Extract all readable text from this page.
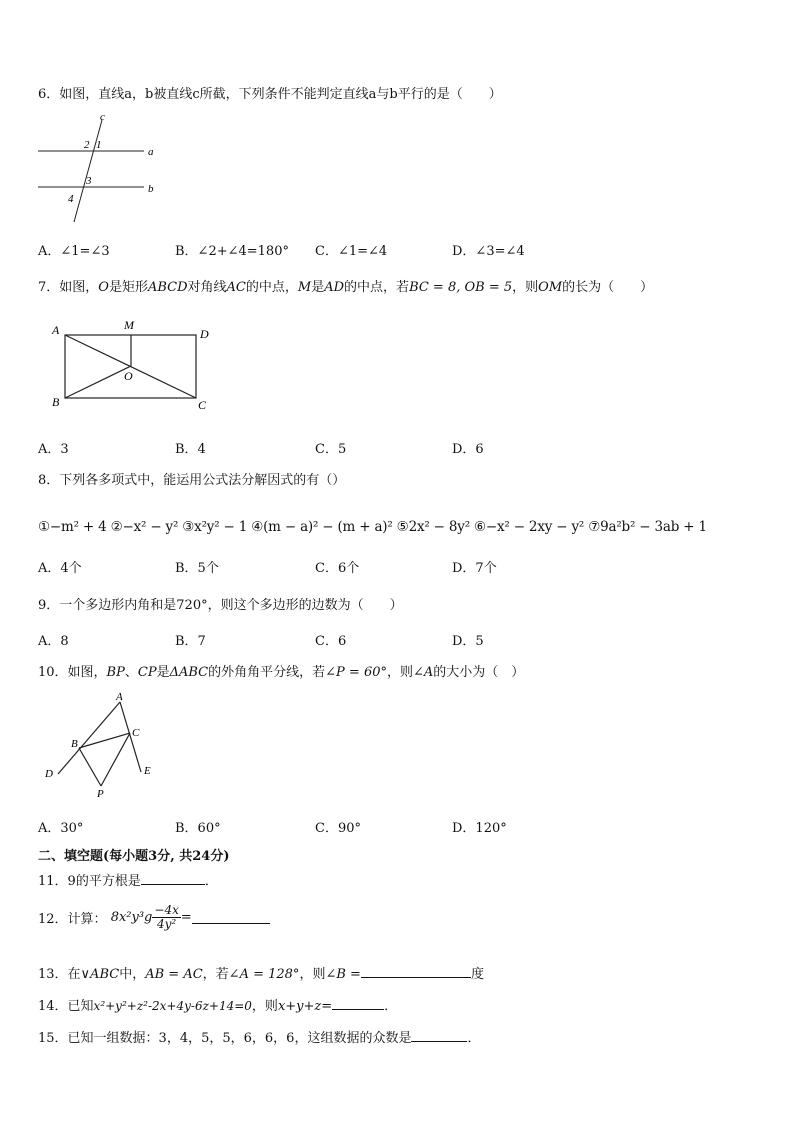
6．如图，直线a，b被直线c所截，下列条件不能判定直线a与b平行的是（　　）
c
a
b
1
2
3
4
A．∠1=∠3	B．∠2+∠4=180° C．∠1=∠4	D．∠3=∠4
7．如图，O是矩形ABCD对角线AC的中点，M是AD的中点，若BC = 8, OB = 5，则OM的长为（　　）
A	M
D
O
B	C
A．3	B．4	C．5	D．6
8．下列各多项式中，能运用公式法分解因式的有（）
①−m² + 4 ②−x² − y² ③x²y² − 1 ④(m − a)² − (m + a)² ⑤2x² − 8y² ⑥−x² − 2xy − y² ⑦9a²b² − 3ab + 1
A．4个	B．5个	C．6个	D．7个
9．一个多边形内角和是720°，则这个多边形的边数为（　　）
A．8	B．7	C．6	D．5
10．如图，BP、CP是ΔABC的外角角平分线，若∠P = 60°，则∠A的大小为（　）
A
B
C
D	E
P
A．30°	B．60°	C．90°	D．120°
二、填空题(每小题3分, 共24分)
11．9的平方根是	．
12．计算： $8x^2y^3g \frac{-4x}{\text{4y²}}$ =
13．在∨ABC中，AB = AC，若∠A = 128°，则∠B =	度
14．已知x²+y²+z²-2x+4y-6z+14=0，则x+y+z=	．
15．已知一组数据：3，4，5，5，6，6，6，这组数据的众数是	．
